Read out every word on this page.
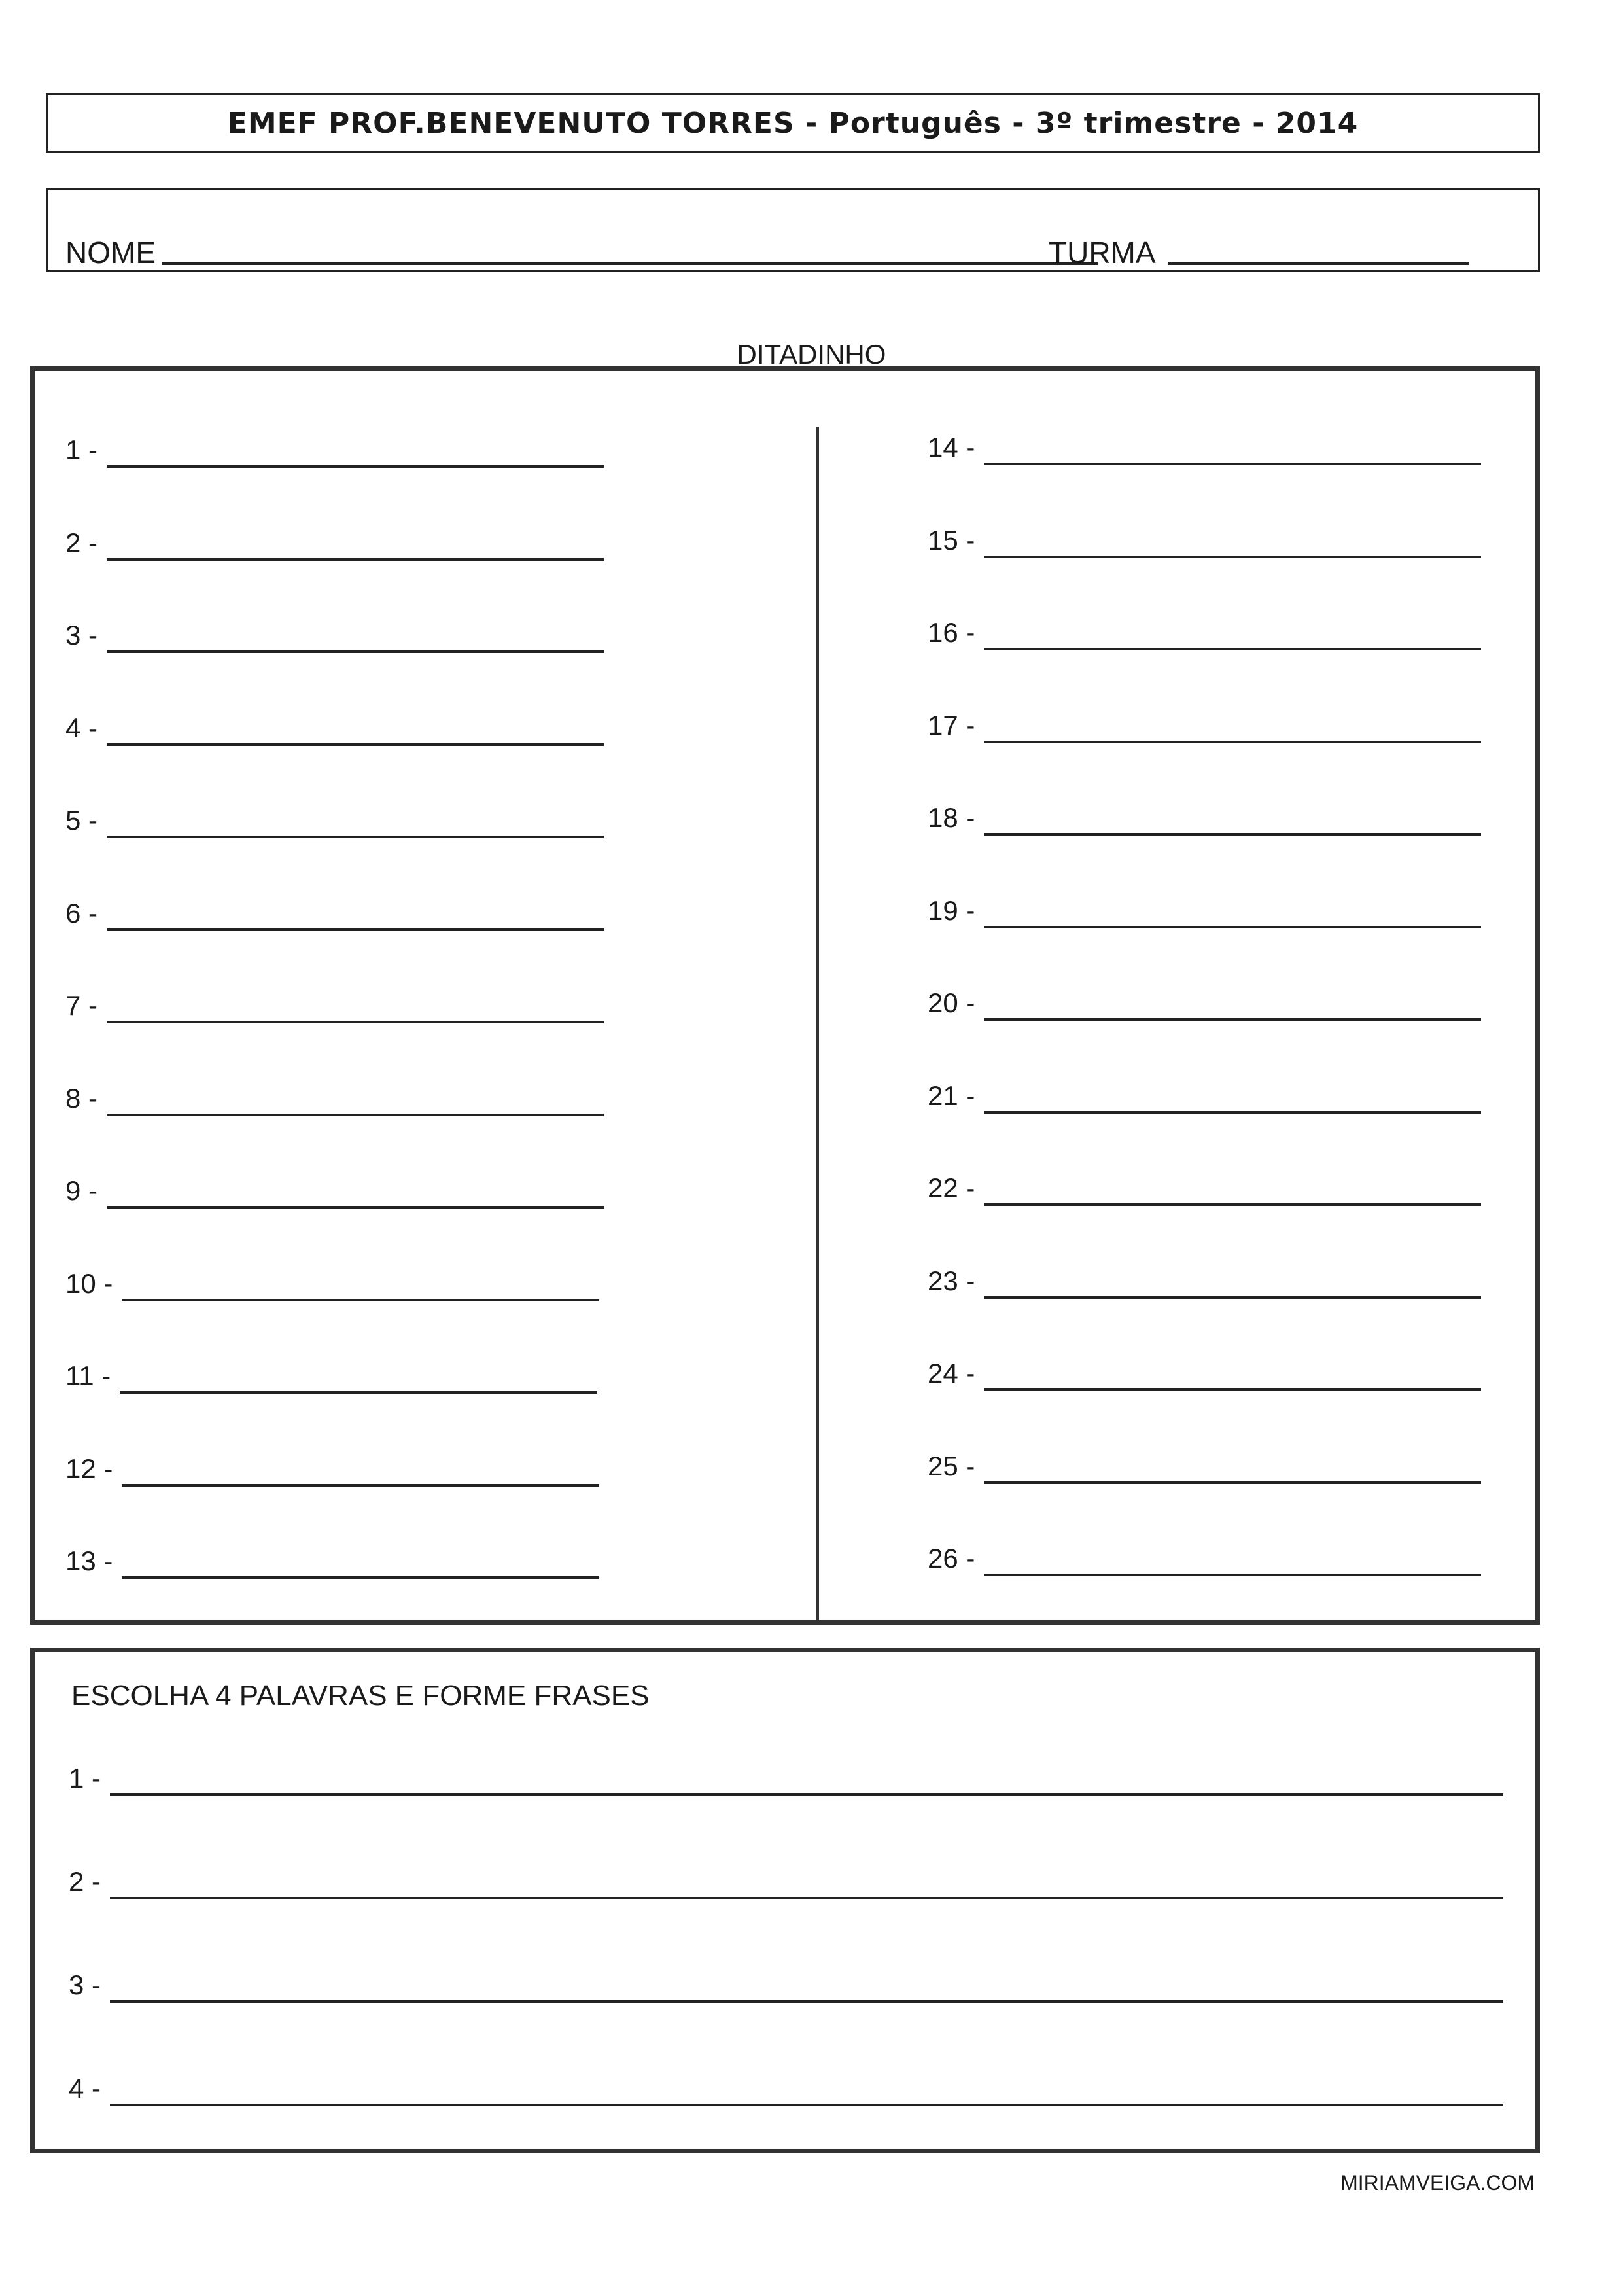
EMEF PROF.BENEVENUTO TORRES - Português - 3º trimestre - 2014
NOME	TURMA
DITADINHO
1 -
2 -
3 -
4 -
5 -
6 -
7 -
8 -
9 -
10 -
11 -
12 -
13 -
14 -
15 -
16 -
17 -
18 -
19 -
20 -
21 -
22 -
23 -
24 -
25 -
26 -
ESCOLHA 4 PALAVRAS E FORME FRASES
1 -
2 -
3 -
4 -
MIRIAMVEIGA.COM
